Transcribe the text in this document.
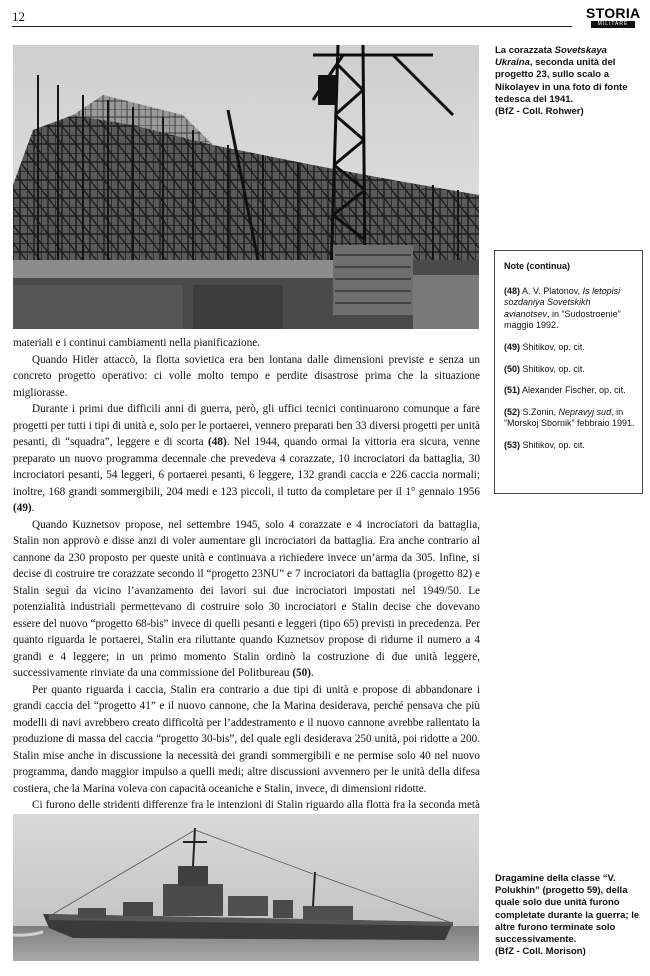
12	STORIA
MILITARE
La corazzata Sovetskaya Ukraina, seconda unità del progetto 23, sullo scalo a Nikolayev in una foto di fonte tedesca del 1941.
(BfZ - Coll. Rohwer)
Note (continua)
(48) A. V. Platonov, Is letopisi sozdaniya Sovetskikh avianotsev, in “Sudostroenie” maggio 1992.
(49) Shitikov, op. cit.
(50) Shitikov, op. cit.
(51) Alexander Fischer, op. cit.
(52) S.Zonin, Nepravyj sud, in “Morskoj Sbornik” febbraio 1991.
(53) Shitikov, op. cit.

materiali e i continui cambiamenti nella pianificazione.

Quando Hitler attaccò, la flotta sovietica era ben lontana dalle dimensioni previste e senza un concreto progetto operativo: ci volle molto tempo e perdite disastrose prima che la situazione migliorasse.

Durante i primi due difficili anni di guerra, però, gli uffici tecnici continuarono comunque a fare progetti per tutti i tipi di unità e, solo per le portaerei, vennero preparati ben 33 diversi progetti per unità pesanti, di “squadra”, leggere e di scorta (48). Nel 1944, quando ormai la vittoria era sicura, venne preparato un nuovo programma decennale che prevedeva 4 corazzate, 10 incrociatori da battaglia, 30 incrociatori pesanti, 54 leggeri, 6 portaerei pesanti, 6 leggere, 132 grandi caccia e 226 caccia normali; inoltre, 168 grandi sommergibili, 204 medi e 123 piccoli, il tutto da completare per il 1° gennaio 1956 (49).

Quando Kuznetsov propose, nel settembre 1945, solo 4 corazzate e 4 incrociatori da battaglia, Stalin non approvò e disse anzi di voler aumentare gli incrociatori da battaglia. Era anche contrario al cannone da 230 proposto per queste unità e continuava a richiedere invece un’arma da 305. Infine, si decise di costruire tre corazzate secondo il “progetto 23NU” e 7 incrociatori da battaglia (progetto 82) e Stalin seguì da vicino l’avanzamento dei lavori sui due incrociatori impostati nel 1949/50. Le potenzialità industriali permettevano di costruire solo 30 incrociatori e Stalin decise che dovevano essere del nuovo “progetto 68-bis” invece di quelli pesanti e leggeri (tipo 65) previsti in precedenza. Per quanto riguarda le portaerei, Stalin era riluttante quando Kuznetsov propose di ridurne il numero a 4 grandi e 4 leggere; in un primo momento Stalin ordinò la costruzione di due unità leggere, successivamente rinviate da una commissione del Politbureau (50).

Per quanto riguarda i caccia, Stalin era contrario a due tipi di unità e propose di abbandonare i grandi caccia del “progetto 41” e il nuovo cannone, che la Marina desiderava, perché pensava che più modelli di navi avrebbero creato difficoltà per l’addestramento e il nuovo cannone avrebbe rallentato la produzione di massa del caccia “progetto 30-bis”, del quale egli desiderava 250 unità, poi ridotte a 200. Stalin mise anche in discussione la necessità dei grandi sommergibili e ne permise solo 40 nel nuovo programma, dando maggior impulso a quelli medi; altre discussioni avvennero per le unità della difesa costiera, che la Marina voleva con capacità oceaniche e Stalin, invece, di dimensioni ridotte.

Ci furono delle stridenti differenze fra le intenzioni di Stalin riguardo alla flotta fra la seconda metà

Dragamine della classe “V. Polukhin” (progetto 59), della quale solo due unità furono completate durante la guerra; le altre furono terminate solo successivamente.
(BfZ - Coll. Morison)
